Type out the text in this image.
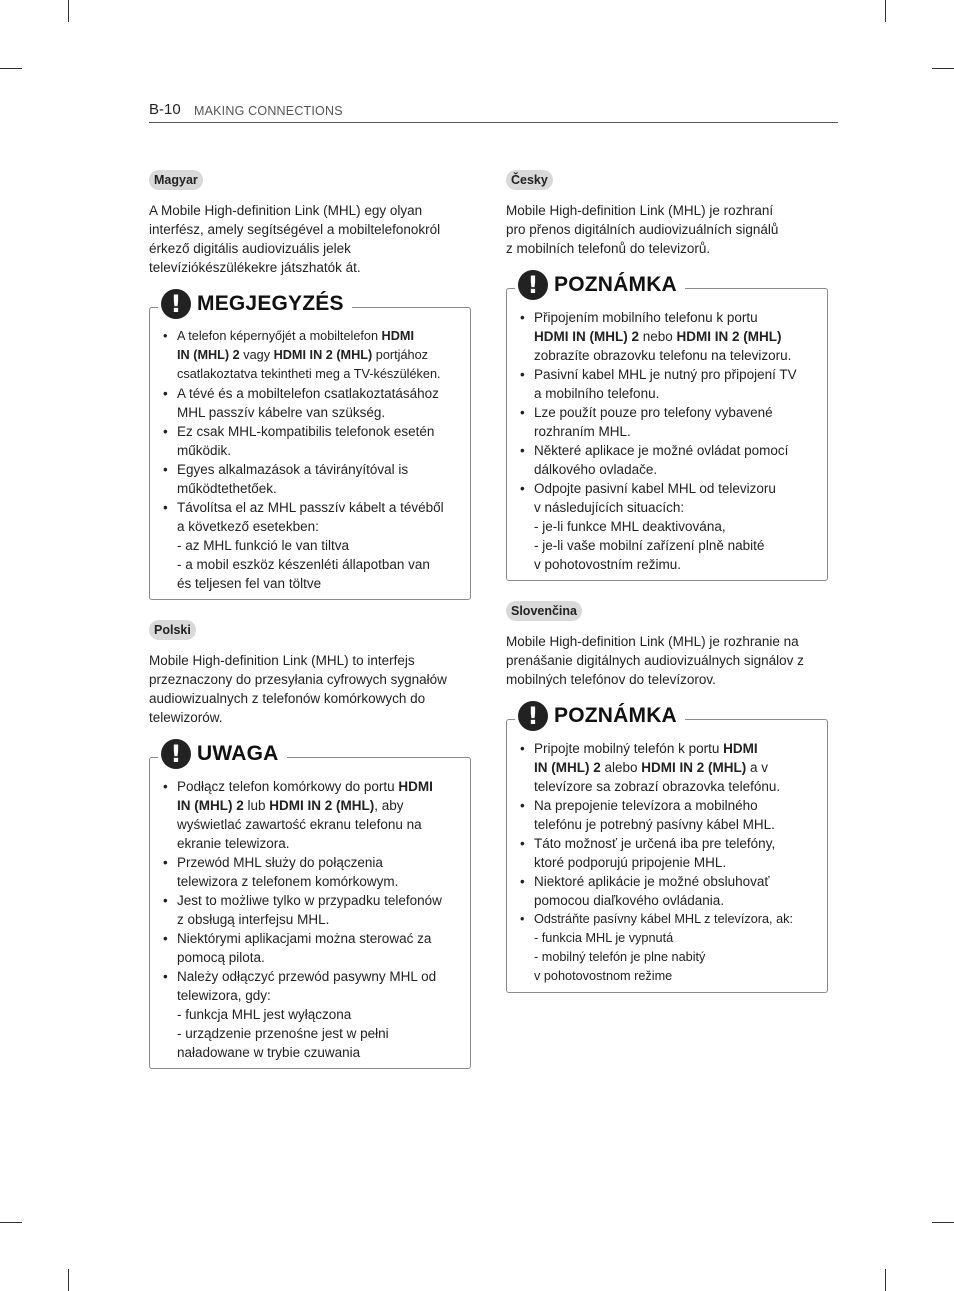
B-10 MAKING CONNECTIONS
Magyar

A Mobile High-definition Link (MHL) egy olyan
interfész, amely segítségével a mobiltelefonokról
érkező digitális audiovizuális jelek
televíziókészülékekre játszhatók át.

! MEGJEGYZÉS
• A telefon képernyőjét a mobiltelefon HDMI
IN (MHL) 2 vagy HDMI IN 2 (MHL) portjához
csatlakoztatva tekintheti meg a TV-készüléken.
• A tévé és a mobiltelefon csatlakoztatásához
MHL passzív kábelre van szükség.
• Ez csak MHL-kompatibilis telefonok esetén
működik.
• Egyes alkalmazások a távirányítóval is
működtethetőek.
• Távolítsa el az MHL passzív kábelt a tévéből
a következő esetekben:
- az MHL funkció le van tiltva
- a mobil eszköz készenléti állapotban van
és teljesen fel van töltve
Polski

Mobile High-definition Link (MHL) to interfejs
przeznaczony do przesyłania cyfrowych sygnałów
audiowizualnych z telefonów komórkowych do
telewizorów.

! UWAGA
• Podłącz telefon komórkowy do portu HDMI
IN (MHL) 2 lub HDMI IN 2 (MHL), aby
wyświetlać zawartość ekranu telefonu na
ekranie telewizora.
• Przewód MHL służy do połączenia
telewizora z telefonem komórkowym.
• Jest to możliwe tylko w przypadku telefonów
z obsługą interfejsu MHL.
• Niektórymi aplikacjami można sterować za
pomocą pilota.
• Należy odłączyć przewód pasywny MHL od
telewizora, gdy:
- funkcja MHL jest wyłączona
- urządzenie przenośne jest w pełni
naładowane w trybie czuwania
Česky

Mobile High-definition Link (MHL) je rozhraní
pro přenos digitálních audiovizuálních signálů
z mobilních telefonů do televizorů.

! POZNÁMKA
• Připojením mobilního telefonu k portu
HDMI IN (MHL) 2 nebo HDMI IN 2 (MHL)
zobrazíte obrazovku telefonu na televizoru.
• Pasivní kabel MHL je nutný pro připojení TV
a mobilního telefonu.
• Lze použít pouze pro telefony vybavené
rozhraním MHL.
• Některé aplikace je možné ovládat pomocí
dálkového ovladače.
• Odpojte pasivní kabel MHL od televizoru
v následujících situacích:
- je-li funkce MHL deaktivována,
- je-li vaše mobilní zařízení plně nabité
v pohotovostním režimu.
Slovenčina

Mobile High-definition Link (MHL) je rozhranie na
prenášanie digitálnych audiovizuálnych signálov z
mobilných telefónov do televízorov.

! POZNÁMKA
• Pripojte mobilný telefón k portu HDMI
IN (MHL) 2 alebo HDMI IN 2 (MHL) a v
televízore sa zobrazí obrazovka telefónu.
• Na prepojenie televízora a mobilného
telefónu je potrebný pasívny kábel MHL.
• Táto možnosť je určená iba pre telefóny,
ktoré podporujú pripojenie MHL.
• Niektoré aplikácie je možné obsluhovať
pomocou diaľkového ovládania.
• Odstráňte pasívny kábel MHL z televízora, ak:
- funkcia MHL je vypnutá
- mobilný telefón je plne nabitý
v pohotovostnom režime
